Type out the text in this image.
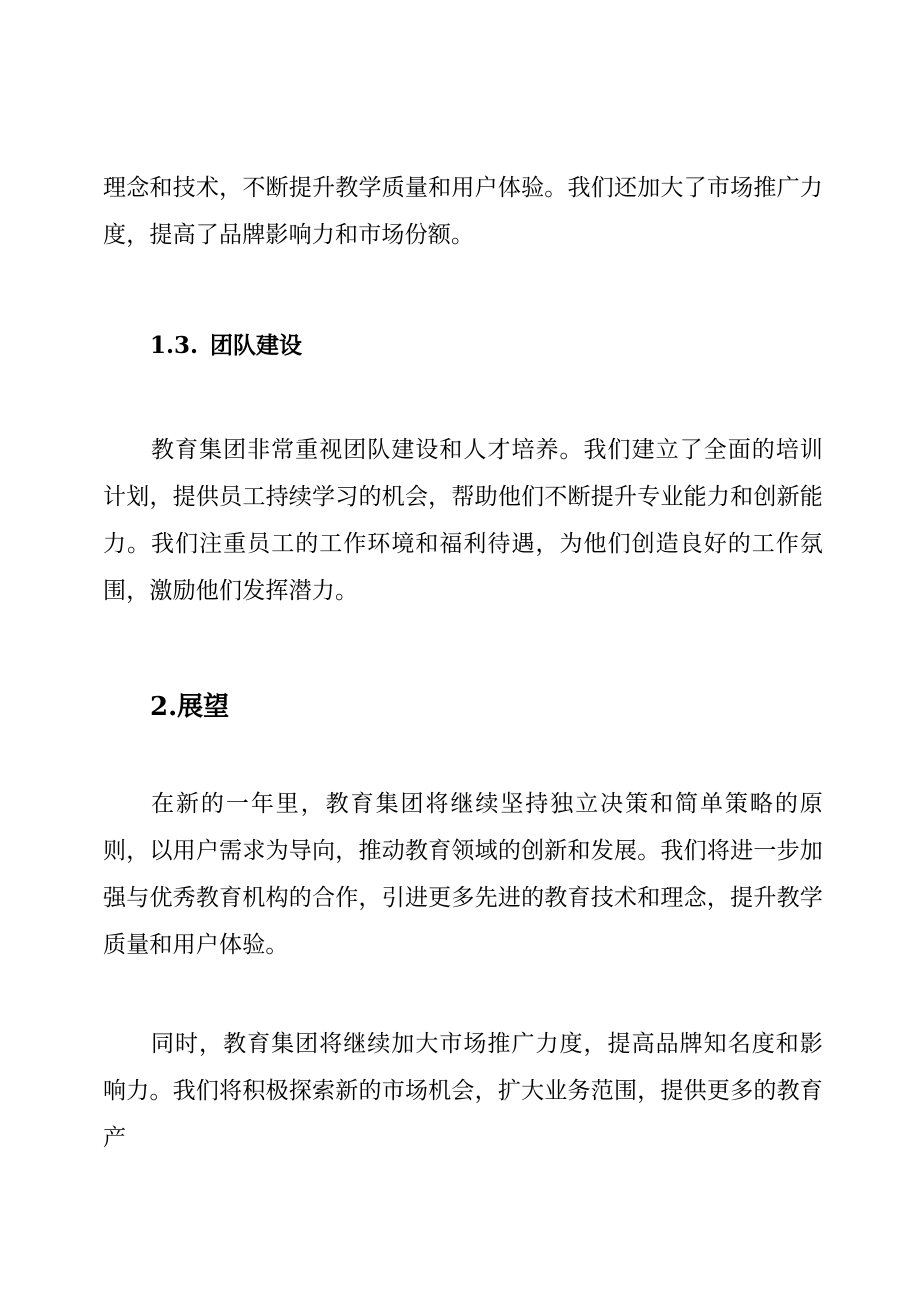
理念和技术，不断提升教学质量和用户体验。我们还加大了市场推广力度，提高了品牌影响力和市场份额。

1.3. 团队建设

教育集团非常重视团队建设和人才培养。我们建立了全面的培训计划，提供员工持续学习的机会，帮助他们不断提升专业能力和创新能力。我们注重员工的工作环境和福利待遇，为他们创造良好的工作氛围，激励他们发挥潜力。

2.展望

在新的一年里，教育集团将继续坚持独立决策和简单策略的原则，以用户需求为导向，推动教育领域的创新和发展。我们将进一步加强与优秀教育机构的合作，引进更多先进的教育技术和理念，提升教学质量和用户体验。

同时，教育集团将继续加大市场推广力度，提高品牌知名度和影响力。我们将积极探索新的市场机会，扩大业务范围，提供更多的教育产
